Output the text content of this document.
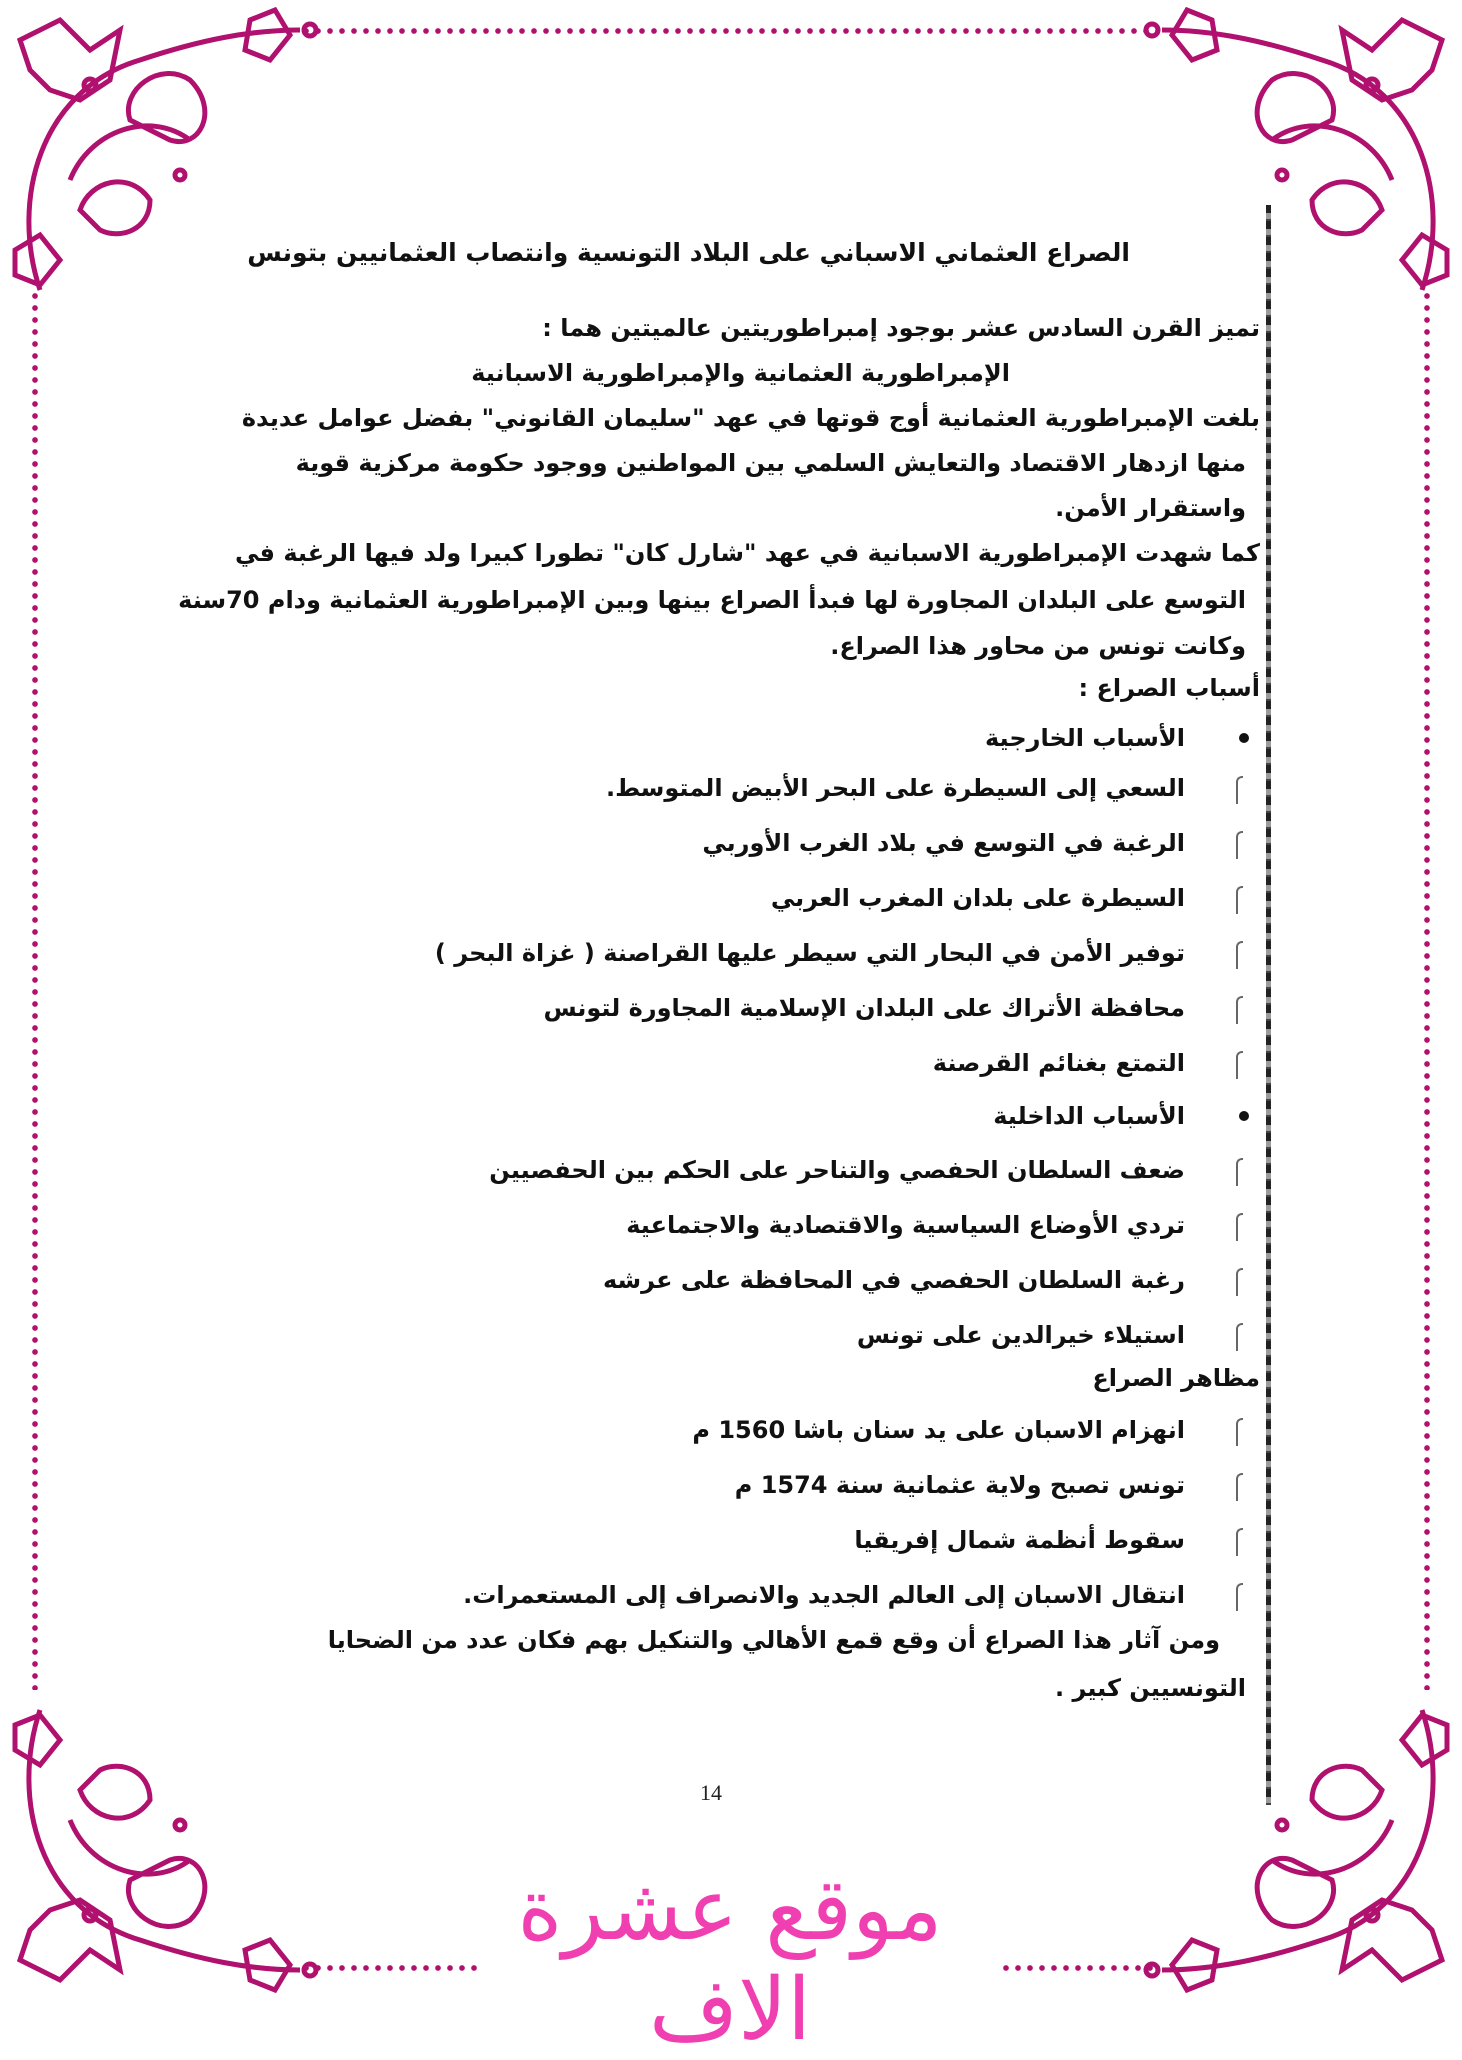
الصراع العثماني الاسباني على البلاد التونسية وانتصاب العثمانيين بتونس
تميز القرن السادس عشر بوجود إمبراطوريتين عالميتين هما :
الإمبراطورية العثمانية والإمبراطورية الاسبانية
بلغت الإمبراطورية العثمانية أوج قوتها في عهد "سليمان القانوني" بفضل عوامل عديدة
منها ازدهار الاقتصاد والتعايش السلمي بين المواطنين ووجود حكومة مركزية قوية
واستقرار الأمن.
كما شهدت الإمبراطورية الاسبانية في عهد "شارل كان" تطورا كبيرا ولد فيها الرغبة في
التوسع على البلدان المجاورة لها فبدأ الصراع بينها وبين الإمبراطورية العثمانية ودام 70سنة
وكانت تونس من محاور هذا الصراع.
أسباب الصراع :
الأسباب الخارجية
السعي إلى السيطرة على البحر الأبيض المتوسط.
الرغبة في التوسع في بلاد الغرب الأوربي
السيطرة على بلدان المغرب العربي
توفير الأمن في البحار التي سيطر عليها القراصنة ( غزاة البحر )
محافظة الأتراك على البلدان الإسلامية المجاورة لتونس
التمتع بغنائم القرصنة
الأسباب الداخلية
ضعف السلطان الحفصي والتناحر على الحكم بين الحفصيين
تردي الأوضاع السياسية والاقتصادية والاجتماعية
رغبة السلطان الحفصي في المحافظة على عرشه
استيلاء خيرالدين على تونس
مظاهر الصراع
انهزام الاسبان على يد سنان باشا 1560 م
تونس تصبح ولاية عثمانية سنة 1574 م
سقوط أنظمة شمال إفريقيا
انتقال الاسبان إلى العالم الجديد والانصراف إلى المستعمرات.
ومن آثار هذا الصراع أن وقع قمع الأهالي والتنكيل بهم فكان عدد من الضحايا
التونسيين كبير .
14
موقع عشرة الاف
